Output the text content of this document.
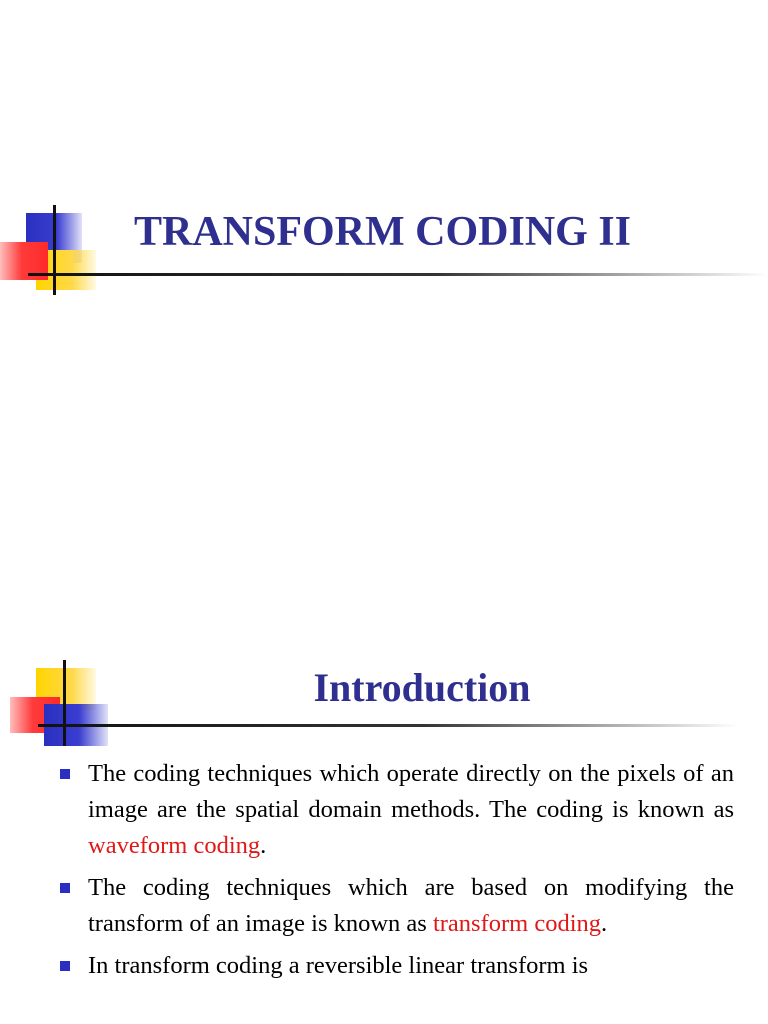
TRANSFORM CODING II
Introduction
The coding techniques which operate directly on the pixels of an image are the spatial domain methods. The coding is known as waveform coding.
The coding techniques which are based on modifying the transform of an image is known as transform coding.
In transform coding a reversible linear transform is
